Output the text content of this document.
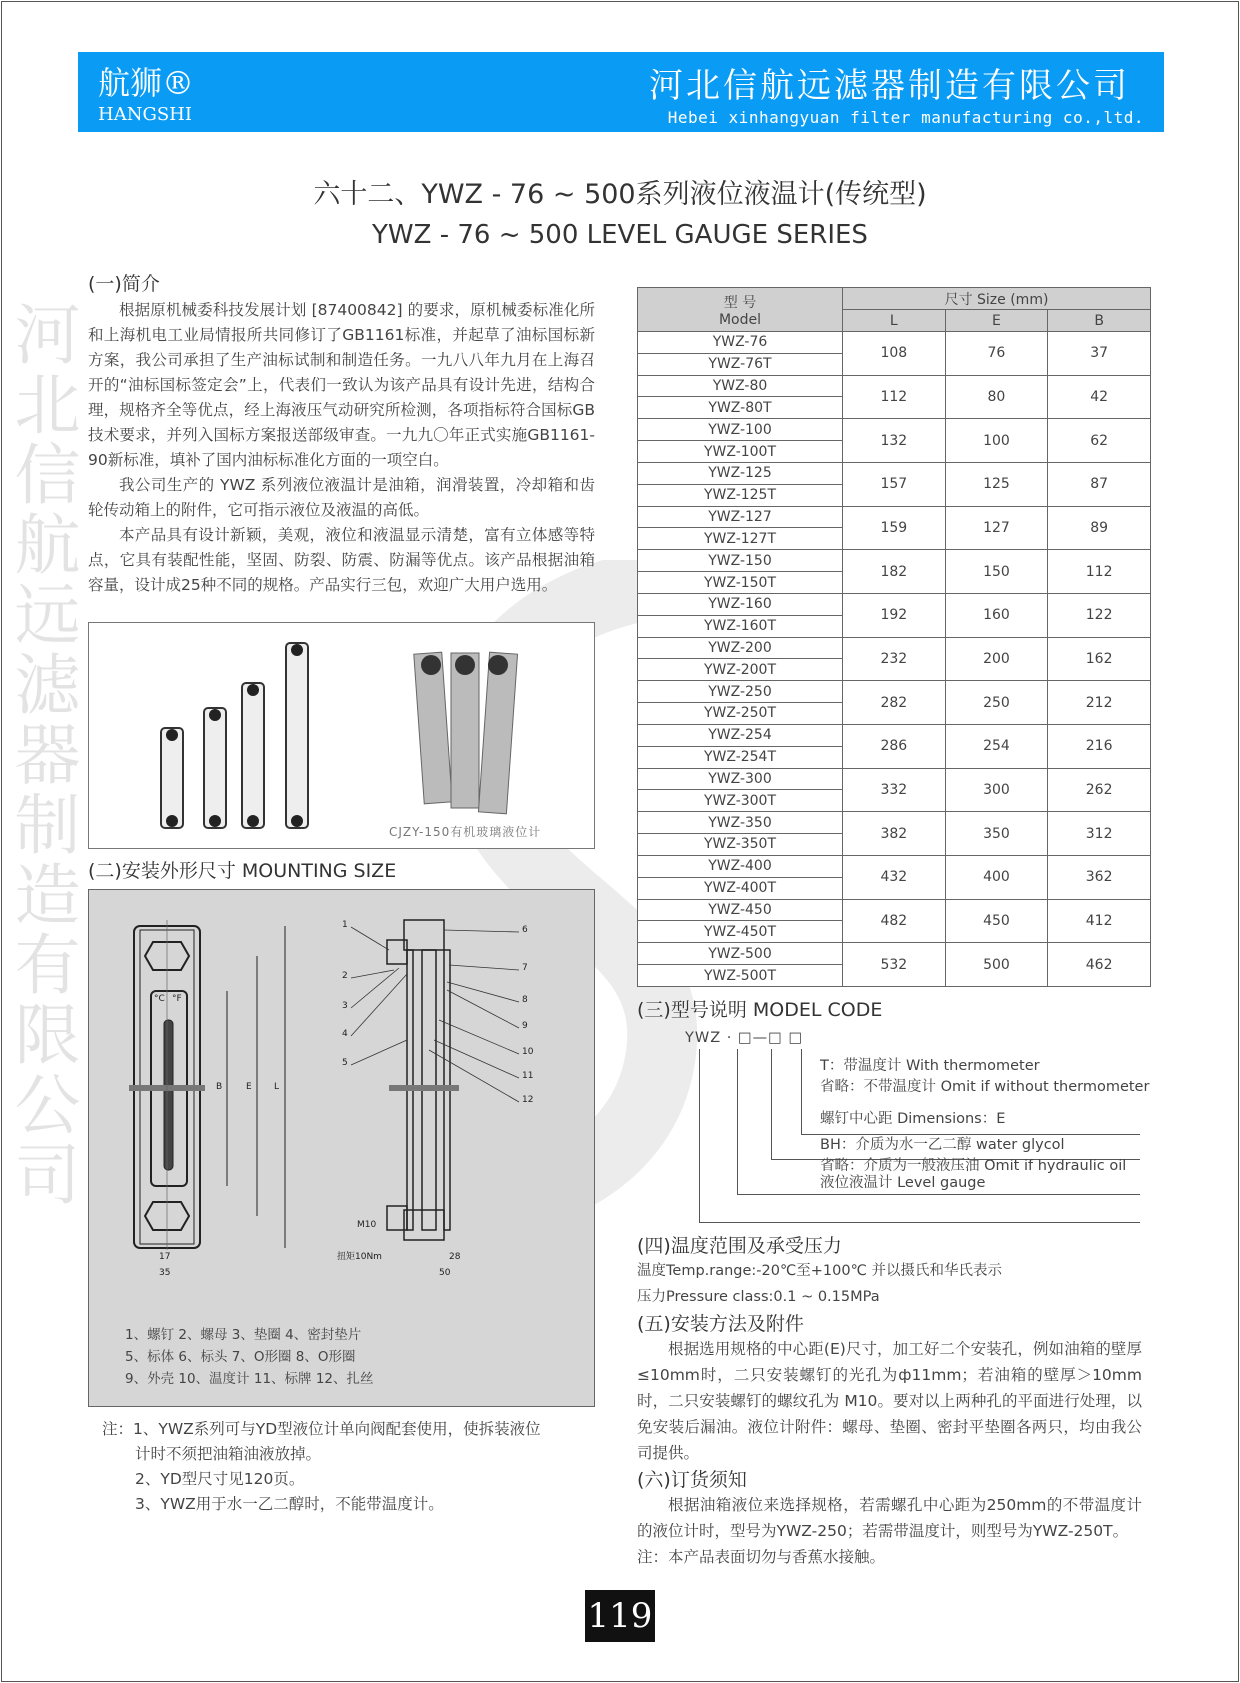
航狮®
HANGSHI
河北信航远滤器制造有限公司
Hebei xinhangyuan filter manufacturing co.,ltd.
六十二、YWZ - 76 ~ 500系列液位液温计(传统型)
YWZ - 76 ~ 500 LEVEL GAUGE SERIES
河北信航远滤器制造有限公司
(一)简介

根据原机械委科技发展计划 [87400842] 的要求，原机械委标准化所和上海机电工业局情报所共同修订了GB1161标准，并起草了油标国标新方案，我公司承担了生产油标试制和制造任务。一九八八年九月在上海召开的“油标国标签定会”上，代表们一致认为该产品具有设计先进，结构合理，规格齐全等优点，经上海液压气动研究所检测，各项指标符合国标GB技术要求，并列入国标方案报送部级审查。一九九〇年正式实施GB1161-90新标准，填补了国内油标标准化方面的一项空白。

我公司生产的 YWZ 系列液位液温计是油箱，润滑装置，冷却箱和齿轮传动箱上的附件，它可指示液位及液温的高低。

本产品具有设计新颖，美观，液位和液温显示清楚，富有立体感等特点，它具有装配性能，坚固、防裂、防震、防漏等优点。该产品根据油箱容量，设计成25种不同的规格。产品实行三包，欢迎广大用户选用。

CJZY-150有机玻璃液位计
(二)安装外形尺寸 MOUNTING SIZE
°C °F
B	E L
17
35
M10
扭矩10Nm	28
50
1
2
3
4
5
6
7
8
9
10
11
12
1、螺钉 2、螺母 3、垫圈 4、密封垫片
5、标体 6、标头 7、O形圈 8、O形圈
9、外壳 10、温度计 11、标牌 12、扎丝
注：1、YWZ系列可与YD型液位计单向阀配套使用，使拆装液位
计时不须把油箱油液放掉。
2、YD型尺寸见120页。
3、YWZ用于水一乙二醇时，不能带温度计。
型 号
Model	尺寸 Size (mm)		
	L	E	B
YWZ-76	108	76	37
YWZ-76T			
YWZ-80	112	80	42
YWZ-80T			
YWZ-100	132	100	62
YWZ-100T			
YWZ-125	157	125	87
YWZ-125T			
YWZ-127	159	127	89
YWZ-127T			
YWZ-150	182	150	112
YWZ-150T			
YWZ-160	192	160	122
YWZ-160T			
YWZ-200	232	200	162
YWZ-200T			
YWZ-250	282	250	212
YWZ-250T			
YWZ-254	286	254	216
YWZ-254T			
YWZ-300	332	300	262
YWZ-300T			
YWZ-350	382	350	312
YWZ-350T			
YWZ-400	432	400	362
YWZ-400T			
YWZ-450	482	450	412
YWZ-450T			
YWZ-500	532	500	462
YWZ-500T			
(三)型号说明 MODEL CODE
YWZ · □—□ □
T：带温度计 With thermometer
省略：不带温度计 Omit if without thermometer
螺钉中心距 Dimensions：E
BH：介质为水一乙二醇 water glycol
省略：介质为一般液压油 Omit if hydraulic oil
液位液温计 Level gauge
(四)温度范围及承受压力
温度Temp.range:-20℃至+100℃ 并以摄氏和华氏表示
压力Pressure class:0.1 ~ 0.15MPa
(五)安装方法及附件

根据选用规格的中心距(E)尺寸，加工好二个安装孔，例如油箱的壁厚≤10mm时，二只安装螺钉的光孔为ф11mm；若油箱的壁厚＞10mm时，二只安装螺钉的螺纹孔为 M10。要对以上两种孔的平面进行处理，以免安装后漏油。液位计附件：螺母、垫圈、密封平垫圈各两只，均由我公司提供。

(六)订货须知

根据油箱液位来选择规格，若需螺孔中心距为250mm的不带温度计的液位计时，型号为YWZ-250；若需带温度计，则型号为YWZ-250T。

注：本产品表面切勿与香蕉水接触。

119
